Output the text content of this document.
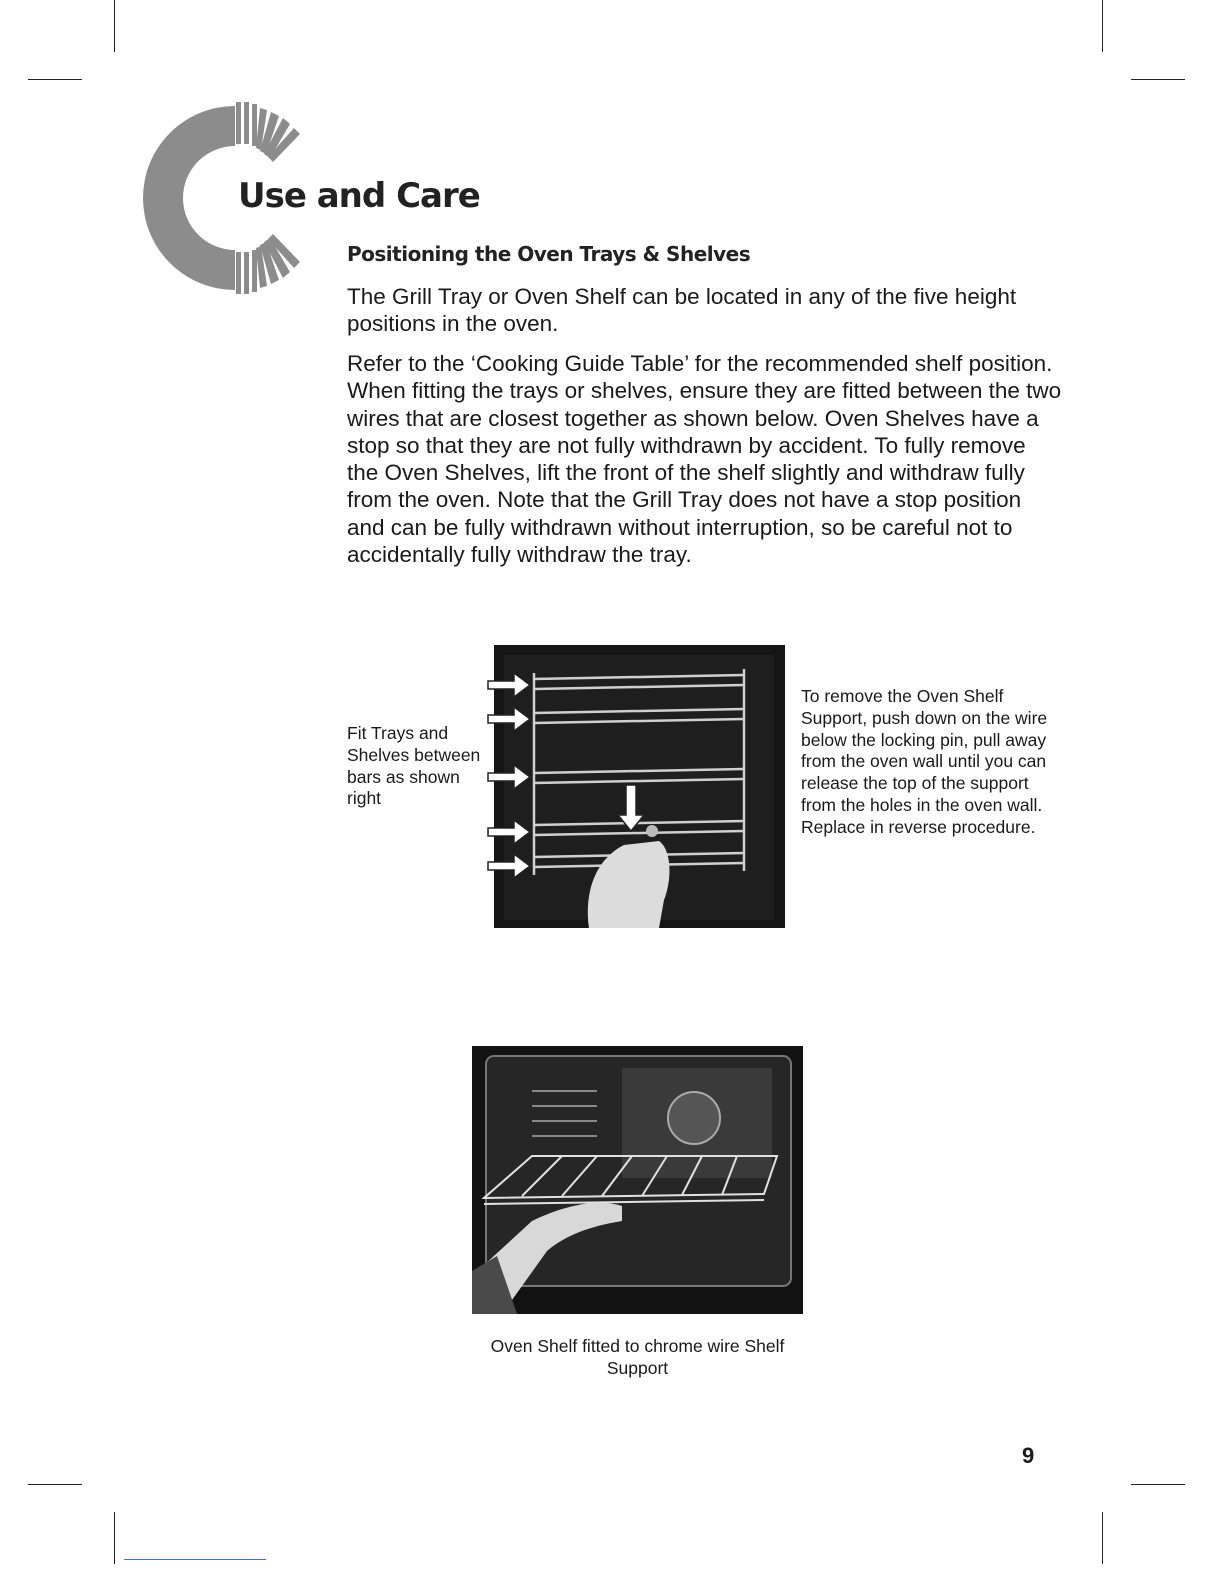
Use and Care
Positioning the Oven Trays & Shelves

The Grill Tray or Oven Shelf can be located in any of the five height positions in the oven.

Refer to the ‘Cooking Guide Table’ for the recommended shelf position. When fitting the trays or shelves, ensure they are fitted between the two wires that are closest together as shown below. Oven Shelves have a stop so that they are not fully withdrawn by accident. To fully remove the Oven Shelves, lift the front of the shelf slightly and withdraw fully from the oven. Note that the Grill Tray does not have a stop position and can be fully withdrawn without interruption, so be careful not to accidentally fully withdraw the tray.

Fit Trays and Shelves between bars as shown right

To remove the Oven Shelf Support, push down on the wire below the locking pin, pull away from the oven wall until you can release the top of the support from the holes in the oven wall. Replace in reverse procedure.

Oven Shelf fitted to chrome wire Shelf Support

9
